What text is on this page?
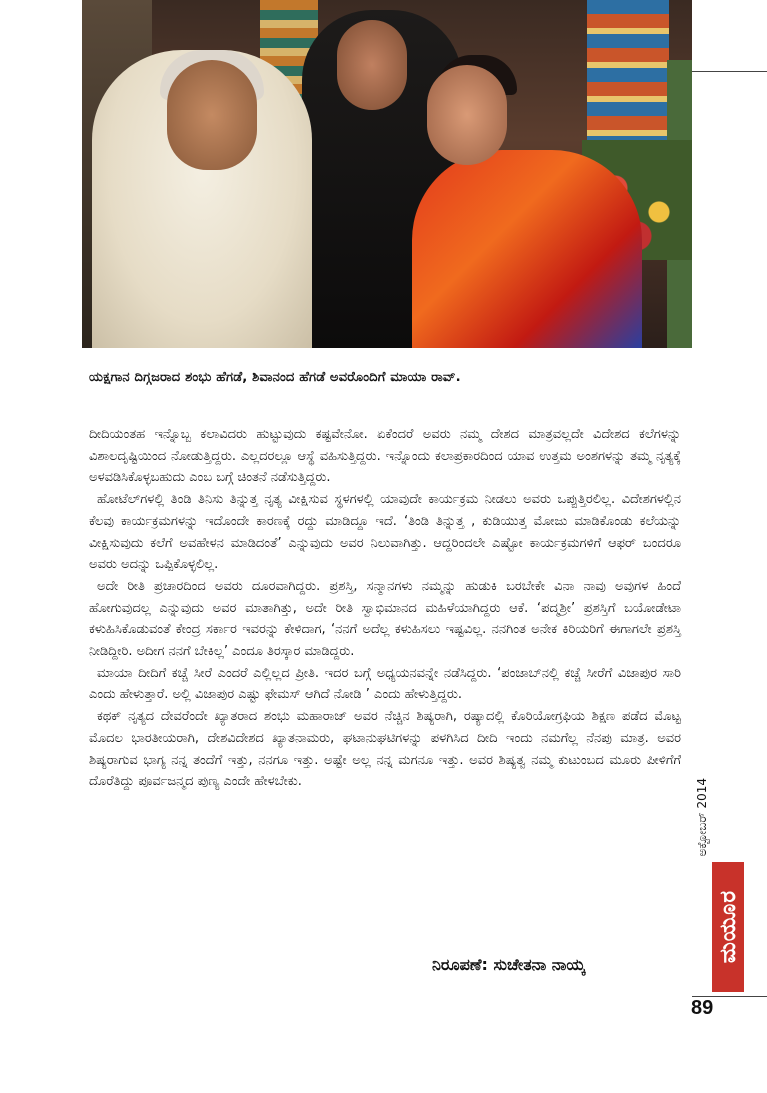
ಯಕ್ಷಗಾನ ದಿಗ್ಗಜರಾದ ಶಂಭು ಹೆಗಡೆ, ಶಿವಾನಂದ ಹೆಗಡೆ ಅವರೊಂದಿಗೆ ಮಾಯಾ ರಾವ್.

ದೀದಿಯಂತಹ ಇನ್ನೊಬ್ಬ ಕಲಾವಿದರು ಹುಟ್ಟುವುದು ಕಷ್ಟವೇನೋ. ಏಕೆಂದರೆ ಅವರು ನಮ್ಮ ದೇಶದ ಮಾತ್ರವಲ್ಲದೇ ವಿದೇಶದ ಕಲೆಗಳನ್ನು ವಿಶಾಲದೃಷ್ಟಿಯಿಂದ ನೋಡುತ್ತಿದ್ದರು. ಎಲ್ಲದರಲ್ಲೂ ಆಸ್ಥೆ ವಹಿಸುತ್ತಿದ್ದರು. ಇನ್ನೊಂದು ಕಲಾಪ್ರಕಾರದಿಂದ ಯಾವ ಉತ್ತಮ ಅಂಶಗಳನ್ನು ತಮ್ಮ ನೃತ್ಯಕ್ಕೆ ಅಳವಡಿಸಿಕೊಳ್ಳಬಹುದು ಎಂಬ ಬಗ್ಗೆ ಚಿಂತನೆ ನಡೆಸುತ್ತಿದ್ದರು.

ಹೋಟೆಲ್‌ಗಳಲ್ಲಿ ತಿಂಡಿ ತಿನಿಸು ತಿನ್ನುತ್ತ ನೃತ್ಯ ವೀಕ್ಷಿಸುವ ಸ್ಥಳಗಳಲ್ಲಿ ಯಾವುದೇ ಕಾರ್ಯಕ್ರಮ ನೀಡಲು ಅವರು ಒಪ್ಪುತ್ತಿರಲಿಲ್ಲ. ವಿದೇಶಗಳಲ್ಲಿನ ಕೆಲವು ಕಾರ್ಯಕ್ರಮಗಳನ್ನು ಇದೊಂದೇ ಕಾರಣಕ್ಕೆ ರದ್ದು ಮಾಡಿದ್ದೂ ಇದೆ. ‘ತಿಂಡಿ ತಿನ್ನುತ್ತ , ಕುಡಿಯುತ್ತ ಮೋಜು ಮಾಡಿಕೊಂಡು ಕಲೆಯನ್ನು ವೀಕ್ಷಿಸುವುದು ಕಲೆಗೆ ಅವಹೇಳನ ಮಾಡಿದಂತೆ’ ಎನ್ನುವುದು ಅವರ ನಿಲುವಾಗಿತ್ತು. ಆದ್ದರಿಂದಲೇ ಎಷ್ಟೋ ಕಾರ್ಯಕ್ರಮಗಳಿಗೆ ಆಫರ್ ಬಂದರೂ ಅವರು ಅದನ್ನು ಒಪ್ಪಿಕೊಳ್ಳಲಿಲ್ಲ.

ಅದೇ ರೀತಿ ಪ್ರಚಾರದಿಂದ ಅವರು ದೂರವಾಗಿದ್ದರು. ಪ್ರಶಸ್ತಿ, ಸನ್ಮಾನಗಳು ನಮ್ಮನ್ನು ಹುಡುಕಿ ಬರಬೇಕೇ ವಿನಾ ನಾವು ಅವುಗಳ ಹಿಂದೆ ಹೋಗುವುದಲ್ಲ ಎನ್ನುವುದು ಅವರ ಮಾತಾಗಿತ್ತು, ಅದೇ ರೀತಿ ಸ್ವಾಭಿಮಾನದ ಮಹಿಳೆಯಾಗಿದ್ದರು ಆಕೆ. ‘ಪದ್ಮಶ್ರೀ’ ಪ್ರಶಸ್ತಿಗೆ ಬಯೋಡೇಟಾ ಕಳುಹಿಸಿಕೊಡುವಂತೆ ಕೇಂದ್ರ ಸರ್ಕಾರ ಇವರನ್ನು ಕೇಳಿದಾಗ, ‘ನನಗೆ ಅದೆಲ್ಲ ಕಳುಹಿಸಲು ಇಷ್ಟವಿಲ್ಲ. ನನಗಿಂತ ಅನೇಕ ಕಿರಿಯರಿಗೆ ಈಗಾಗಲೇ ಪ್ರಶಸ್ತಿ ನೀಡಿದ್ದೀರಿ. ಅದೀಗ ನನಗೆ ಬೇಕಿಲ್ಲ’ ಎಂದೂ ತಿರಸ್ಕಾರ ಮಾಡಿದ್ದರು.

ಮಾಯಾ ದೀದಿಗೆ ಕಚ್ಚೆ ಸೀರೆ ಎಂದರೆ ಎಲ್ಲಿಲ್ಲದ ಪ್ರೀತಿ. ಇದರ ಬಗ್ಗೆ ಅಧ್ಯಯನವನ್ನೇ ನಡೆಸಿದ್ದರು. ‘ಪಂಜಾಬ್‌ನಲ್ಲಿ ಕಚ್ಚೆ ಸೀರೆಗೆ ವಿಜಾಪುರ ಸಾರಿ ಎಂದು ಹೇಳುತ್ತಾರೆ. ಅಲ್ಲಿ ವಿಜಾಪುರ ಎಷ್ಟು ಫೇಮಸ್ ಆಗಿದೆ ನೋಡಿ ’ ಎಂದು ಹೇಳುತ್ತಿದ್ದರು.

ಕಥಕ್ ನೃತ್ಯದ ದೇವರೆಂದೇ ಖ್ಯಾತರಾದ ಶಂಭು ಮಹಾರಾಜ್ ಅವರ ನೆಚ್ಚಿನ ಶಿಷ್ಯರಾಗಿ, ರಷ್ಯಾದಲ್ಲಿ ಕೊರಿಯೋಗ್ರಫಿಯ ಶಿಕ್ಷಣ ಪಡೆದ ಮೊಟ್ಟ ಮೊದಲ ಭಾರತೀಯರಾಗಿ, ದೇಶವಿದೇಶದ ಖ್ಯಾತನಾಮರು, ಘಟಾನುಘಟಿಗಳನ್ನು ಪಳಗಿಸಿದ ದೀದಿ ಇಂದು ನಮಗೆಲ್ಲ ನೆನಪು ಮಾತ್ರ. ಅವರ ಶಿಷ್ಯರಾಗುವ ಭಾಗ್ಯ ನನ್ನ ತಂದೆಗೆ ಇತ್ತು, ನನಗೂ ಇತ್ತು. ಅಷ್ಟೇ ಅಲ್ಲ ನನ್ನ ಮಗನೂ ಇತ್ತು. ಅವರ ಶಿಷ್ಯತ್ವ ನಮ್ಮ ಕುಟುಂಬದ ಮೂರು ಪೀಳಿಗೆಗೆ ದೊರೆತಿದ್ದು ಪೂರ್ವಜನ್ಮದ ಪುಣ್ಯ ಎಂದೇ ಹೇಳಬೇಕು.

ನಿರೂಪಣೆ: ಸುಚೇತನಾ ನಾಯ್ಕ
ಅಕ್ಟೋಬರ್ 2014
ಮಯೂರ
89
